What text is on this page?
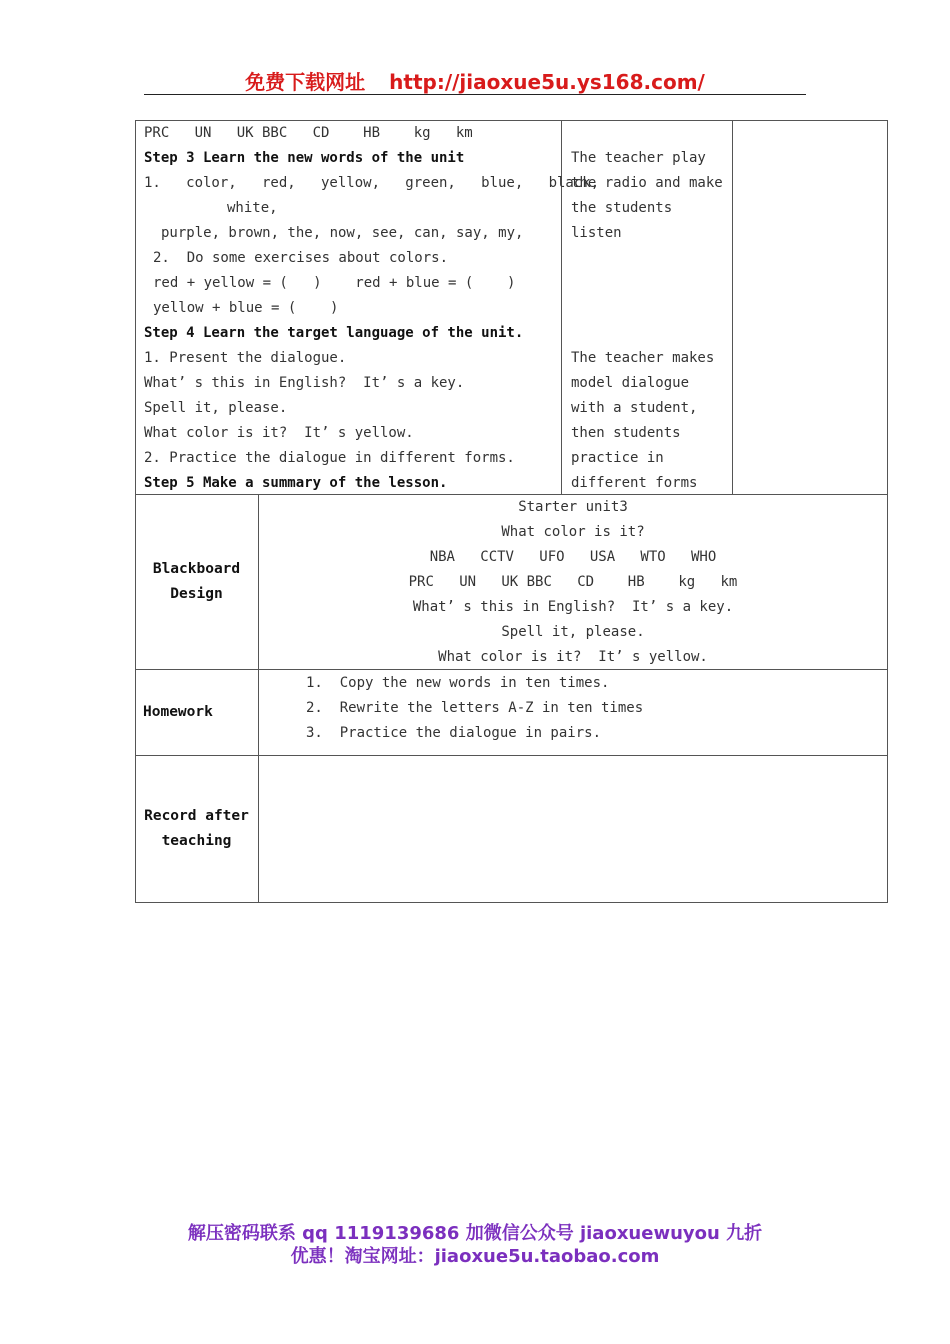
免费下载网址 http://jiaoxue5u.ys168.com/
PRC   UN   UK BBC   CD    HB    kg   km
Step 3 Learn the new words of the unit
1.   color,   red,   yellow,   green,   blue,   black,
white,
purple, brown, the, now, see, can, say, my,
2.  Do some exercises about colors.
red + yellow = (   )    red + blue = (    )
yellow + blue = (    )
Step 4 Learn the target language of the unit.
1. Present the dialogue.
What’ s this in English?  It’ s a key.
Spell it, please.
What color is it?  It’ s yellow.
2. Practice the dialogue in different forms.
Step 5 Make a summary of the lesson.
The teacher play
the radio and make
the students
listen
The teacher makes
model dialogue
with a student,
then students
practice in
different forms
Blackboard
Design
Starter unit3
What color is it?
NBA   CCTV   UFO   USA   WTO   WHO
PRC   UN   UK BBC   CD    HB    kg   km
What’ s this in English?  It’ s a key.
Spell it, please.
What color is it?  It’ s yellow.
Homework
1.  Copy the new words in ten times.
2.  Rewrite the letters A-Z in ten times
3.  Practice the dialogue in pairs.
Record after
teaching
解压密码联系 qq 1119139686 加微信公众号 jiaoxuewuyou 九折
优惠！淘宝网址：jiaoxue5u.taobao.com
